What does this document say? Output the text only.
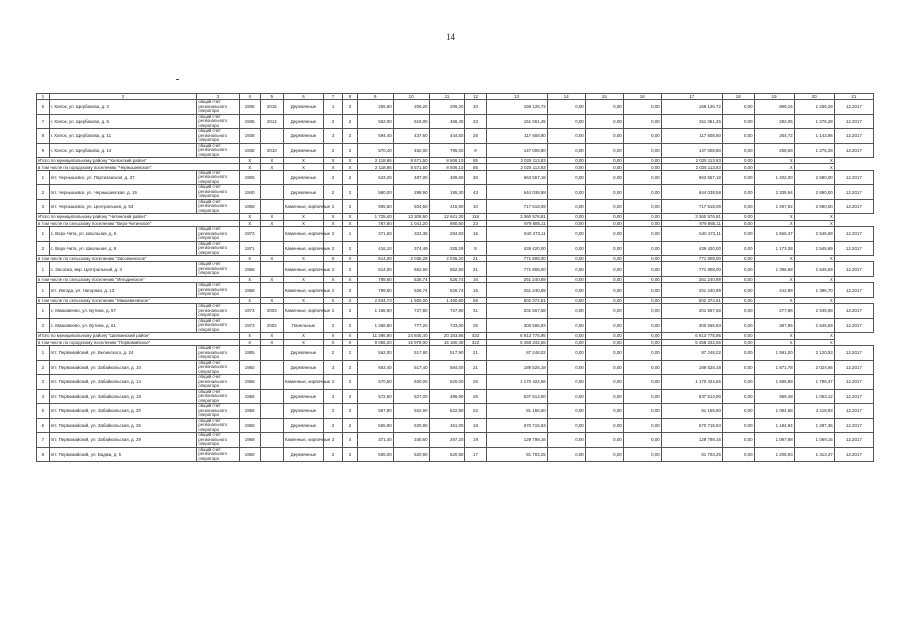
14
1	2	3	4	5	6	7	8	9	10	11	12	13	14	15	16	17	18	19	20	21
6	г. Хилок, ул. Щербакова, д. 2	общий счет регионального оператора	1936	2015	Деревянные	1	2	255,60	206,20	206,20	10	159 126,72	0,00	0,00	0,00	159 126,72	0,00	869,16	1 256,29	12.2017
7	г. Хилок, ул. Щербакова, д. 5	общий счет регионального оператора	1936	2014	Деревянные	2	2	562,00	519,00	465,40	23	151 061,45	0,00	0,00	0,00	151 061,45	0,00	292,05	1 276,29	12.2017
8	г. Хилок, ул. Щербакова, д. 11	общий счет регионального оператора	1938		Деревянные	2	2	594,40	437,60	444,50	25	117 608,80	0,00	0,00	0,00	117 608,80	0,00	254,72	1 143,86	12.2017
9	г. Хилок, ул. Щербакова, д. 14	общий счет регионального оператора	1938	2010	Деревянные	2	2	570,40	462,00	795,00	9	147 008,80	0,00	0,00	0,00	147 008,80	0,00	258,69	1 276,29	12.2017
Итого по муниципальному району "Хилокский район"			X	X	X	X	X	2 118,86	8 571,50	8 506,10	85	2 025 113,83	0,00	0,00	0,00	2 025 113,83	0,00	X	X	
в том числе по городскому поселению "Чернышевское":			X	X	X	X	X	2 118,86	8 571,50	8 506,10	85	2 025 113,83	0,00	0,00	0,00	2 025 113,83	0,00	X	X	
1	пгт. Чернышевск, ул. Партизанская, д. 37	общий счет регионального оператора	1906		Деревянные	2	2	643,26	487,00	409,60	30	663 557,18	0,00	0,00	0,00	663 557,18	0,00	1 402,00	2 690,00	12.2017
2	пгт. Чернышевск, ул. Чернышевская, д. 15	общий счет регионального оператора	1940		Деревянные	2	2	580,00	288,90	195,30	43	644 038,58	0,00	0,00	0,00	644 038,58	0,00	2 335,94	2 690,00	12.2017
3	пгт. Чернышевск, ул. Центральная, д. 53	общий счет регионального оператора	1958		Каменные, кирпичные	2	2	905,60	504,50	415,90	10	717 518,09	0,00	0,00	0,00	717 518,09	0,00	1 497,92	2 690,00	12.2017
Итого по муниципальному району "Читинский район"			X	X	X	X	X	1 725,40	13 308,60	12 641,30	118	3 360 576,81	0,00	0,00	0,00	3 360 576,81	0,00	X	X	
в том числе по сельскому поселению "Верх-Читинское"			X	X	X	X	X	787,60	1 041,20	980,50	23	979 885,11	0,00	0,00	0,00	979 885,11	0,00	X	X	
1	с. Верх-Чита, ул. Школьная, д. 6	общий счет регионального оператора	1973		Каменные, кирпичные	2	1	371,50	324,35	284,83	15	540 473,11	0,00	0,00	0,00	540 473,11	0,00	1 666,37	2 545,69	12.2017
2	с. Верх-Чита, ул. Школьная, д. 8	общий счет регионального оператора	1971		Каменные, кирпичные	2	2	416,10	374,49	325,29	8	439 420,00	0,00	0,00	0,00	439 420,00	0,00	1 173,38	2 545,69	12.2017
в том числе по сельскому поселению "Засопкинское"			X	X	X	X	X	614,00	2 035,29	2 035,20	21	771 808,00	0,00	0,00	0,00	771 808,00	0,00	X	X	
1	с. Засопка, мкр. Центральный, д. 3	общий счет регионального оператора	1966		Каменные, кирпичные	2	2	614,00	552,60	552,60	21	771 808,00	0,00	0,00	0,00	771 808,00	0,00	1 396,68	2 545,69	12.2017
в том числе по сельскому поселению "Ингодинское"			X	X	X	X	X	789,60	526,74	526,74	16	251 240,89	0,00	0,00	0,00	251 240,89	0,00	X	X	
1	пгт. Ингода, ул. Нагорная, д. 13	общий счет регионального оператора	1968		Каменные, кирпичные	2	2	789,60	526,74	526,74	16	251 240,89	0,00	0,00	0,00	251 240,89	0,00	442,89	1 396,70	12.2017
в том числе по сельскому поселению "Маккавеевское"			X	X	X	X	X	2 534,73	1 505,00	1 460,80	56	502 374,61	0,00	0,00	0,00	502 374,61	0,00	X	X	
1	с. Маккавеево, ул. Бутина, д. 57	общий счет регионального оператора	1973	2003	Каменные, кирпичные	2	2	1 165,90	727,80	727,80	31	201 567,68	0,00	0,00	0,00	201 567,68	0,00	277,96	2 545,69	12.2017
2	с. Маккавеево, ул. Бутина, д. 61	общий счет регионального оператора	1973	2002	Панельные	2	2	1 368,80	777,20	733,00	25	300 566,93	0,00	0,00	0,00	300 566,93	0,00	387,96	2 545,69	12.2017
Итого по муниципальному району "Шилкинский район"			X	X	X	X	X	11 396,90	24 845,40	20 183,86	433	6 913 775,95	0,00	0,00	0,00	6 913 775,95	0,00	X	X	
в том числе по городскому поселению "Первомайское"			X	X	X	X	X	9 066,20	15 978,00	15 180,48	322	5 458 342,66	0,00	0,00	0,00	5 458 342,66	0,00	X	X	
1	пгт. Первомайский, ул. Белинского, д. 24	общий счет регионального оператора	1955		Деревянные	2	2	562,00	517,90	517,90	21	87 248,02	0,00	0,00	0,00	87 248,02	0,00	1 591,00	2 120,53	12.2017
2	пгт. Первомайский, ул. Забайкальская, д. 10	общий счет регионального оператора	1960		Деревянные	2	2	663,40	617,40	584,00	21	189 525,18	0,00	0,00	0,00	189 525,18	0,00	1 871,78	2 024,56	12.2017
3	пгт. Первомайский, ул. Забайкальская, д. 14	общий счет регионального оператора	1966		Каменные, кирпичные	2	2	670,60	620,00	620,00	26	1 170 424,66	0,00	0,00	0,00	1 170 424,66	0,00	1 696,89	1 796,47	12.2017
4	пгт. Первомайский, ул. Забайкальская, д. 18	общий счет регионального оператора	1955		Деревянные	2	2	572,50	527,00	486,90	25	537 513,90	0,00	0,00	0,00	537 513,90	0,00	959,48	1 063,12	12.2017
5	пгт. Первомайский, ул. Забайкальская, д. 20	общий счет регионального оператора	1956		Деревянные	2	2	567,90	522,90	522,90	22	81 156,60	0,00	0,00	0,00	81 156,60	0,00	1 094,58	2 118,93	12.2017
6	пгт. Первомайский, ул. Забайкальская, д. 26	общий счет регионального оператора	1959		Деревянные	2	2	565,90	520,90	461,00	18	670 715,53	0,00	0,00	0,00	670 715,53	0,00	1 184,94	1 287,36	12.2017
7	пгт. Первомайский, ул. Забайкальская, д. 29	общий счет регионального оператора	1959		Каменные, кирпичные	2	4	371,40	340,60	297,20	19	129 798,16	0,00	0,00	0,00	129 798,16	0,00	1 097,68	1 069,15	12.2017
8	пгт. Первомайский, ул. Ваджа, д. 5	общий счет регионального оператора	1959		Деревянные	2	2	565,00	520,90	520,90	17	81 703,25	0,00	0,00	0,00	81 703,25	0,00	1 208,93	1 313,37	12.2017
